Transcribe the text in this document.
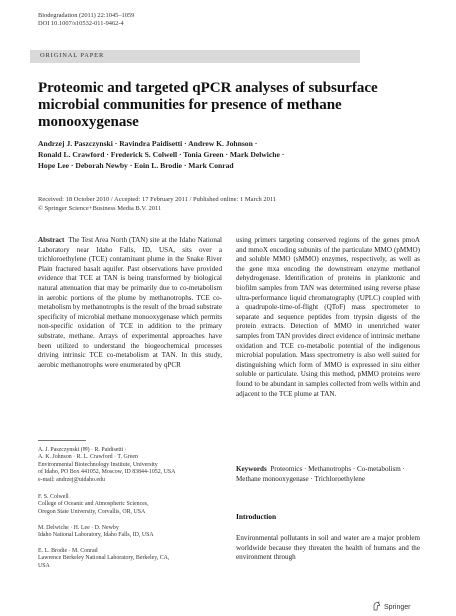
Biodegradation (2011) 22:1045–1059
DOI 10.1007/s10532-011-9462-4
ORIGINAL PAPER
Proteomic and targeted qPCR analyses of subsurface microbial communities for presence of methane monooxygenase
Andrzej J. Paszczynski · Ravindra Paidisetti · Andrew K. Johnson ·
Ronald L. Crawford · Frederick S. Colwell · Tonia Green · Mark Delwiche ·
Hope Lee · Deborah Newby · Eoin L. Brodie · Mark Conrad
Received: 18 October 2010 / Accepted: 17 February 2011 / Published online: 1 March 2011
© Springer Science+Business Media B.V. 2011

Abstract The Test Area North (TAN) site at the Idaho National Laboratory near Idaho Falls, ID, USA, sits over a trichloroethylene (TCE) contaminant plume in the Snake River Plain fractured basalt aquifer. Past observations have provided evidence that TCE at TAN is being transformed by biological natural attenuation that may be primarily due to co-metabolism in aerobic portions of the plume by methanotrophs. TCE co-metabolism by methanotrophs is the result of the broad substrate specificity of microbial methane monooxygenase which permits non-specific oxidation of TCE in addition to the primary substrate, methane. Arrays of experimental approaches have been utilized to understand the biogeochemical processes driving intrinsic TCE co-metabolism at TAN. In this study, aerobic methanotrophs were enumerated by qPCR

using primers targeting conserved regions of the genes pmoA and mmoX encoding subunits of the particulate MMO (pMMO) and soluble MMO (sMMO) enzymes, respectively, as well as the gene mxa encoding the downstream enzyme methanol dehydrogenase. Identification of proteins in planktonic and biofilm samples from TAN was determined using reverse phase ultra-performance liquid chromatography (UPLC) coupled with a quadrupole-time-of-flight (QToF) mass spectrometer to separate and sequence peptides from trypsin digests of the protein extracts. Detection of MMO in unenriched water samples from TAN provides direct evidence of intrinsic methane oxidation and TCE co-metabolic potential of the indigenous microbial population. Mass spectrometry is also well suited for distinguishing which form of MMO is expressed in situ either soluble or particulate. Using this method, pMMO proteins were found to be abundant in samples collected from wells within and adjacent to the TCE plume at TAN.

A. J. Paszczynski (✉) · R. Paidisetti ·
A. K. Johnson · R. L. Crawford · T. Green
Environmental Biotechnology Institute, University
of Idaho, PO Box 441052, Moscow, ID 83844-1052, USA
e-mail: andrzej@uidaho.edu
F. S. Colwell
College of Oceanic and Atmospheric Sciences,
Oregon State University, Corvallis, OR, USA
M. Delwiche · H. Lee · D. Newby
Idaho National Laboratory, Idaho Falls, ID, USA
E. L. Brodie · M. Conrad
Lawrence Berkeley National Laboratory, Berkeley, CA,
USA
Keywords Proteomics · Methanotrophs · Co-metabolism · Methane monooxygenase · Trichloroethylene
Introduction

Environmental pollutants in soil and water are a major problem worldwide because they threaten the health of humans and the environment through

Springer
